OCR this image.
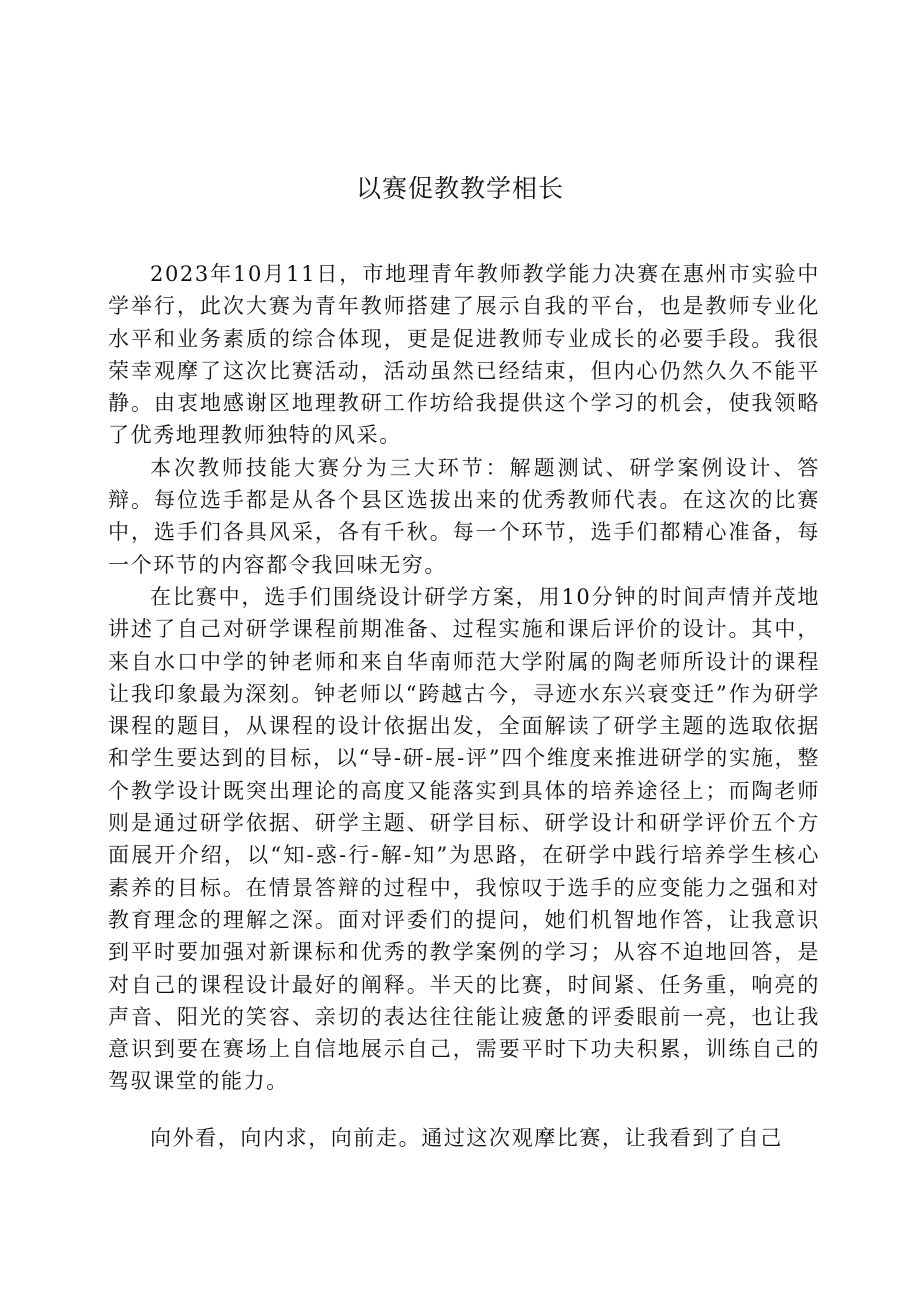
以赛促教教学相长

2023年10月11日，市地理青年教师教学能力决赛在惠州市实验中学举行，此次大赛为青年教师搭建了展示自我的平台，也是教师专业化水平和业务素质的综合体现，更是促进教师专业成长的必要手段。我很荣幸观摩了这次比赛活动，活动虽然已经结束，但内心仍然久久不能平静。由衷地感谢区地理教研工作坊给我提供这个学习的机会，使我领略了优秀地理教师独特的风采。

本次教师技能大赛分为三大环节：解题测试、研学案例设计、答辩。每位选手都是从各个县区选拔出来的优秀教师代表。在这次的比赛中，选手们各具风采，各有千秋。每一个环节，选手们都精心准备，每一个环节的内容都令我回味无穷。

在比赛中，选手们围绕设计研学方案，用10分钟的时间声情并茂地讲述了自己对研学课程前期准备、过程实施和课后评价的设计。其中，来自水口中学的钟老师和来自华南师范大学附属的陶老师所设计的课程让我印象最为深刻。钟老师以“跨越古今，寻迹水东兴衰变迁”作为研学课程的题目，从课程的设计依据出发，全面解读了研学主题的选取依据和学生要达到的目标，以“导-研-展-评”四个维度来推进研学的实施，整个教学设计既突出理论的高度又能落实到具体的培养途径上；而陶老师则是通过研学依据、研学主题、研学目标、研学设计和研学评价五个方面展开介绍，以“知-惑-行-解-知”为思路，在研学中践行培养学生核心素养的目标。在情景答辩的过程中，我惊叹于选手的应变能力之强和对教育理念的理解之深。面对评委们的提问，她们机智地作答，让我意识到平时要加强对新课标和优秀的教学案例的学习；从容不迫地回答，是对自己的课程设计最好的阐释。半天的比赛，时间紧、任务重，响亮的声音、阳光的笑容、亲切的表达往往能让疲惫的评委眼前一亮，也让我意识到要在赛场上自信地展示自己，需要平时下功夫积累，训练自己的驾驭课堂的能力。

向外看，向内求，向前走。通过这次观摩比赛，让我看到了自己
